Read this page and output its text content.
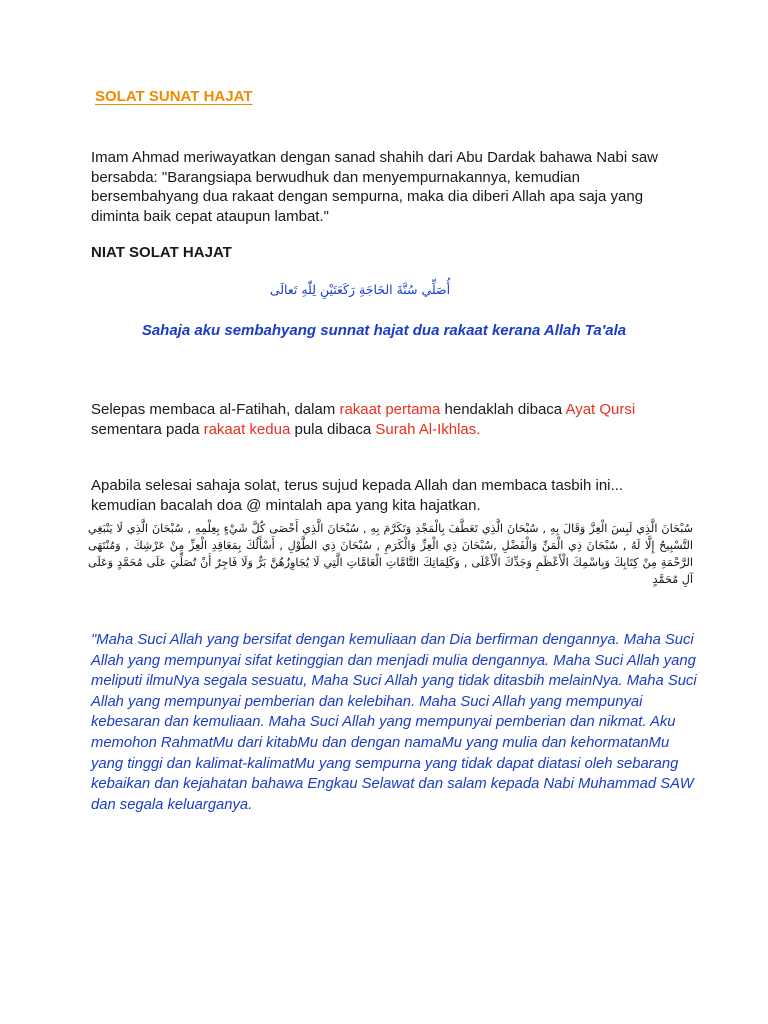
SOLAT SUNAT HAJAT
Imam Ahmad meriwayatkan dengan sanad shahih dari Abu Dardak bahawa Nabi saw bersabda: "Barangsiapa berwudhuk dan menyempurnakannya, kemudian bersembahyang dua rakaat dengan sempurna, maka dia diberi Allah apa saja yang diminta baik cepat ataupun lambat."
NIAT SOLAT HAJAT
أُصَلِّي سُنَّةَ الحَاجَةِ رَكَعَتَيْنِ لِلّٰهِ تَعالَى
Sahaja aku sembahyang sunnat hajat dua rakaat kerana Allah Ta'ala
Selepas membaca al-Fatihah, dalam rakaat pertama hendaklah dibaca Ayat Qursi sementara pada rakaat kedua pula dibaca Surah Al-Ikhlas.
Apabila selesai sahaja solat, terus sujud kepada Allah dan membaca tasbih ini... kemudian bacalah doa @ mintalah apa yang kita hajatkan.
سُبْحَانَ الَّذِي لَبِسَ الْعِزَّ وَقَالَ بِهِ , سُبْحَانَ الَّذِي تَعَطَّفَ بِالْمَجْدِ وَتَكَرَّمَ بِهِ , سُبْحَانَ الَّذِي أَحْصَى كُلَّ شَيْءٍ بِعِلْمِهِ , سُبْحَانَ الَّذِي لَا يَنْبَغِي التَّسْبِيحُ إِلَّا لَهُ , سُبْحَانَ ذِي الْمَنِّ وَالْفَضْلِ ,سُبْحَانَ ذِي الْعِزِّ وَالْكَرَمِ , سُبْحَانَ ذِي الطَّوْلِ , أَسْأَلُكَ بِمَعَاقِدِ الْعِزِّ مِنْ عَرْشِكَ , وَمُنْتَهَى الرَّحْمَةِ مِنْ كِتَابِكَ وَبِاسْمِكَ الْأَعْظَمِ وَجَدِّكَ الْأَعْلَى , وَكَلِمَاتِكَ التَّامَّاتِ الْعَامَّاتِ الَّتِي لَا يُجَاوِزُهُنَّ بَرٌّ وَلَا فَاجِرٌ أَنْ تُصَلِّيَ عَلَى مُحَمَّدٍ وَعَلَى آلِ مُحَمَّدٍ
"Maha Suci Allah yang bersifat dengan kemuliaan dan Dia berfirman dengannya. Maha Suci Allah yang mempunyai sifat ketinggian dan menjadi mulia dengannya. Maha Suci Allah yang meliputi ilmuNya segala sesuatu, Maha Suci Allah yang tidak ditasbih melainNya. Maha Suci Allah yang mempunyai pemberian dan kelebihan. Maha Suci Allah yang mempunyai kebesaran dan kemuliaan. Maha Suci Allah yang mempunyai pemberian dan nikmat. Aku memohon RahmatMu dari kitabMu dan dengan namaMu yang mulia dan kehormatanMu yang tinggi dan kalimat-kalimatMu yang sempurna yang tidak dapat diatasi oleh sebarang kebaikan dan kejahatan bahawa Engkau Selawat dan salam kepada Nabi Muhammad SAW dan segala keluarganya.
